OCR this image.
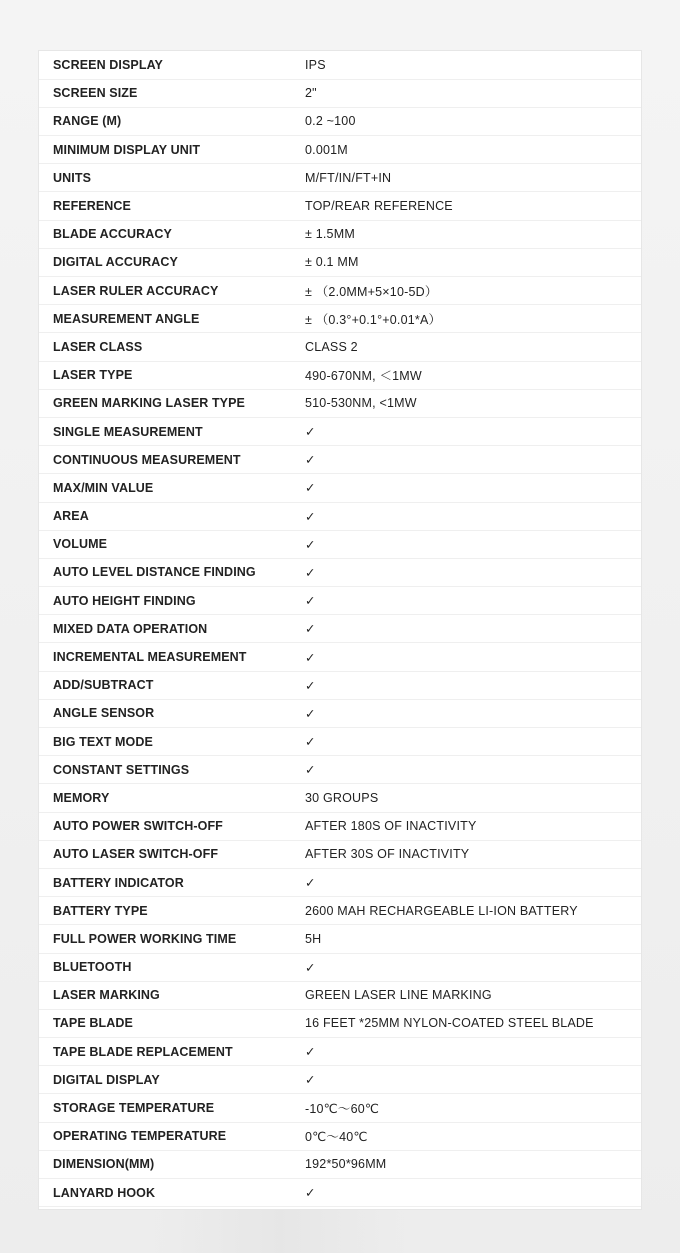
SCREEN DISPLAY	IPS
SCREEN SIZE	2"
RANGE (M)	0.2 ~100
MINIMUM DISPLAY UNIT	0.001M
UNITS	M/FT/IN/FT+IN
REFERENCE	TOP/REAR REFERENCE
BLADE ACCURACY	± 1.5MM
DIGITAL ACCURACY	± 0.1 MM
LASER RULER ACCURACY	± （2.0MM+5×10-5D）
MEASUREMENT ANGLE	± （0.3°+0.1°+0.01*A）
LASER CLASS	CLASS 2
LASER TYPE	490-670NM, ＜1MW
GREEN MARKING LASER TYPE	510-530NM, <1MW
SINGLE MEASUREMENT	✓
CONTINUOUS MEASUREMENT	✓
MAX/MIN VALUE	✓
AREA	✓
VOLUME	✓
AUTO LEVEL DISTANCE FINDING	✓
AUTO HEIGHT FINDING	✓
MIXED DATA OPERATION	✓
INCREMENTAL MEASUREMENT	✓
ADD/SUBTRACT	✓
ANGLE SENSOR	✓
BIG TEXT MODE	✓
CONSTANT SETTINGS	✓
MEMORY	30 GROUPS
AUTO POWER SWITCH-OFF	AFTER 180S OF INACTIVITY
AUTO LASER SWITCH-OFF	AFTER 30S OF INACTIVITY
BATTERY INDICATOR	✓
BATTERY TYPE	2600 MAH RECHARGEABLE LI-ION BATTERY
FULL POWER WORKING TIME	5H
BLUETOOTH	✓
LASER MARKING	GREEN LASER LINE MARKING
TAPE BLADE	16 FEET *25MM NYLON-COATED STEEL BLADE
TAPE BLADE REPLACEMENT	✓
DIGITAL DISPLAY	✓
STORAGE TEMPERATURE	-10℃～60℃
OPERATING TEMPERATURE	0℃～40℃
DIMENSION(MM)	192*50*96MM
LANYARD HOOK	✓
